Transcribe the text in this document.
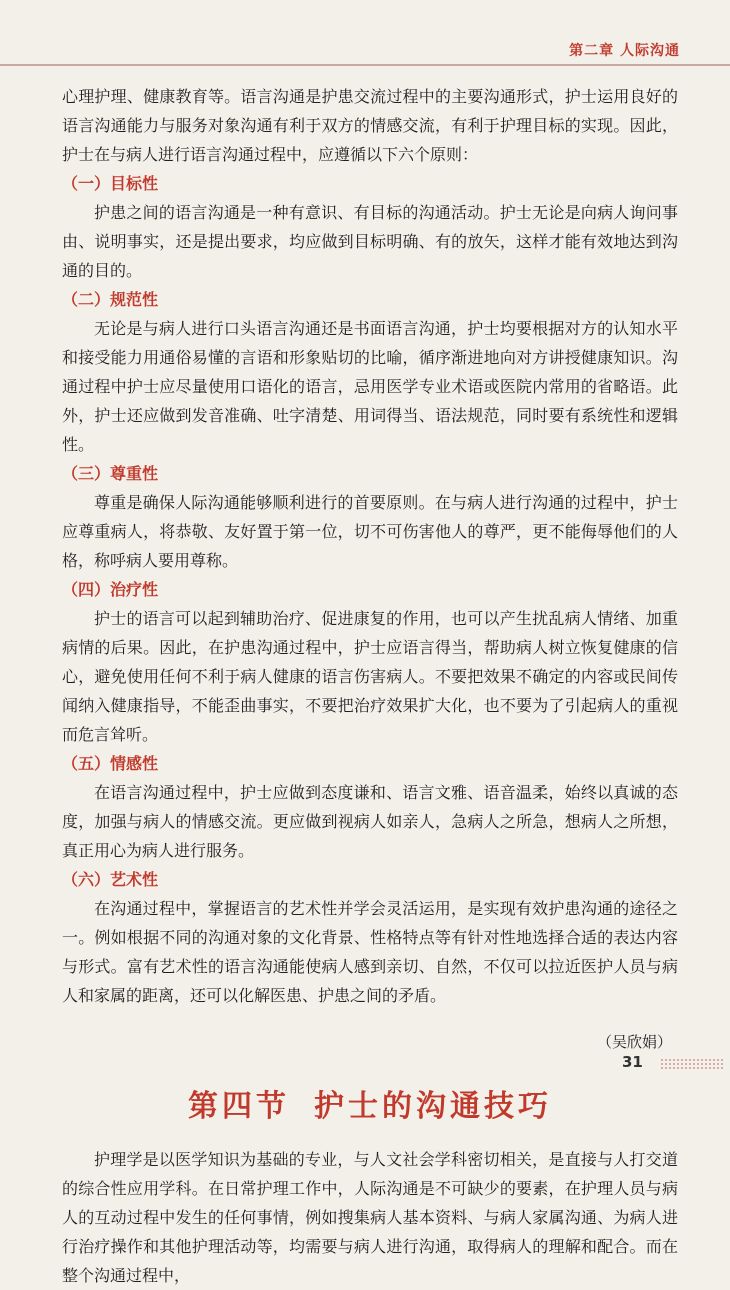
第二章 人际沟通

心理护理、健康教育等。语言沟通是护患交流过程中的主要沟通形式，护士运用良好的语言沟通能力与服务对象沟通有利于双方的情感交流，有利于护理目标的实现。因此，护士在与病人进行语言沟通过程中，应遵循以下六个原则：

（一）目标性

护患之间的语言沟通是一种有意识、有目标的沟通活动。护士无论是向病人询问事由、说明事实，还是提出要求，均应做到目标明确、有的放矢，这样才能有效地达到沟通的目的。

（二）规范性

无论是与病人进行口头语言沟通还是书面语言沟通，护士均要根据对方的认知水平和接受能力用通俗易懂的言语和形象贴切的比喻，循序渐进地向对方讲授健康知识。沟通过程中护士应尽量使用口语化的语言，忌用医学专业术语或医院内常用的省略语。此外，护士还应做到发音准确、吐字清楚、用词得当、语法规范，同时要有系统性和逻辑性。

（三）尊重性

尊重是确保人际沟通能够顺利进行的首要原则。在与病人进行沟通的过程中，护士应尊重病人，将恭敬、友好置于第一位，切不可伤害他人的尊严，更不能侮辱他们的人格，称呼病人要用尊称。

（四）治疗性

护士的语言可以起到辅助治疗、促进康复的作用，也可以产生扰乱病人情绪、加重病情的后果。因此，在护患沟通过程中，护士应语言得当，帮助病人树立恢复健康的信心，避免使用任何不利于病人健康的语言伤害病人。不要把效果不确定的内容或民间传闻纳入健康指导，不能歪曲事实，不要把治疗效果扩大化，也不要为了引起病人的重视而危言耸听。

（五）情感性

在语言沟通过程中，护士应做到态度谦和、语言文雅、语音温柔，始终以真诚的态度，加强与病人的情感交流。更应做到视病人如亲人，急病人之所急，想病人之所想，真正用心为病人进行服务。

（六）艺术性

在沟通过程中，掌握语言的艺术性并学会灵活运用，是实现有效护患沟通的途径之一。例如根据不同的沟通对象的文化背景、性格特点等有针对性地选择合适的表达内容与形式。富有艺术性的语言沟通能使病人感到亲切、自然，不仅可以拉近医护人员与病人和家属的距离，还可以化解医患、护患之间的矛盾。

（吴欣娟）

第四节 护士的沟通技巧

护理学是以医学知识为基础的专业，与人文社会学科密切相关，是直接与人打交道的综合性应用学科。在日常护理工作中，人际沟通是不可缺少的要素，在护理人员与病人的互动过程中发生的任何事情，例如搜集病人基本资料、与病人家属沟通、为病人进行治疗操作和其他护理活动等，均需要与病人进行沟通，取得病人的理解和配合。而在整个沟通过程中，

31
